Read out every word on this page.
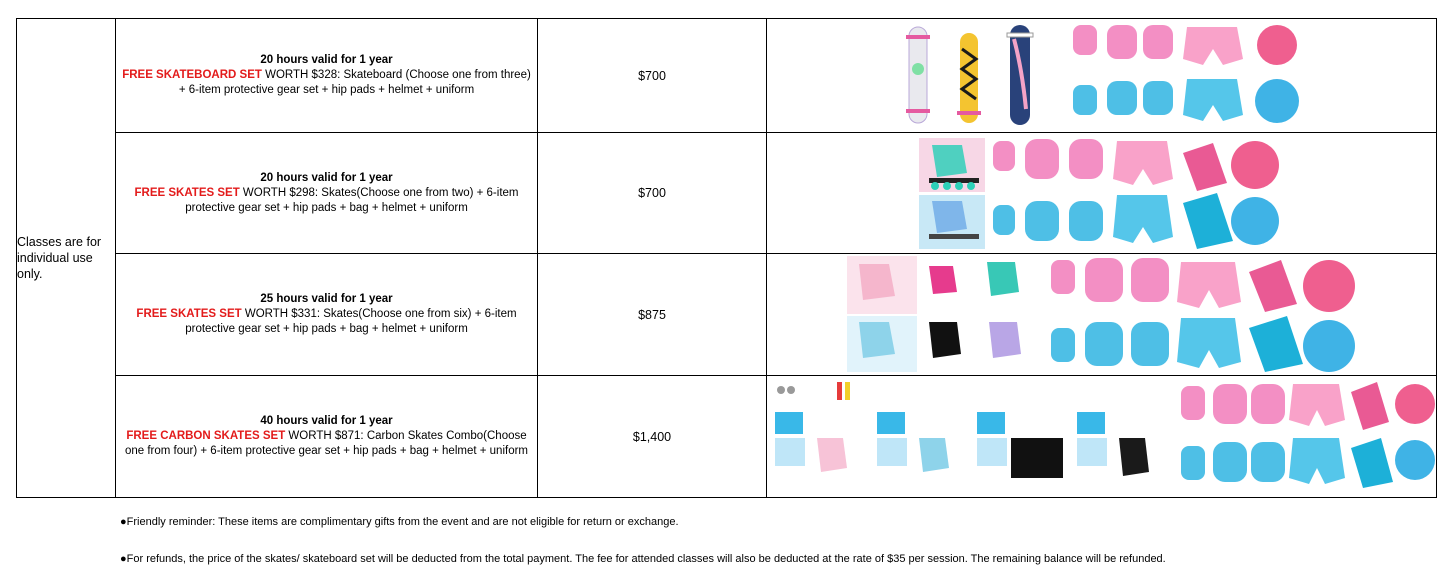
Classes are for individual use only.	20 hours valid for 1 year
FREE SKATEBOARD SET WORTH $328: Skateboard (Choose one from three) + 6-item protective gear set + hip pads + helmet + uniform	$700	

	20 hours valid for 1 year
FREE SKATES SET WORTH $298: Skates(Choose one from two) + 6-item protective gear set + hip pads + bag + helmet + uniform	$700	

	25 hours valid for 1 year
FREE SKATES SET WORTH $331: Skates(Choose one from six) + 6-item protective gear set + hip pads + bag + helmet + uniform	$875	

	40 hours valid for 1 year
FREE CARBON SKATES SET WORTH $871: Carbon Skates Combo(Choose one from four) + 6-item protective gear set + hip pads + bag + helmet + uniform	$1,400	
●Friendly reminder: These items are complimentary gifts from the event and are not eligible for return or exchange.
●For refunds, the price of the skates/ skateboard set will be deducted from the total payment. The fee for attended classes will also be deducted at the rate of $35 per session. The remaining balance will be refunded.
